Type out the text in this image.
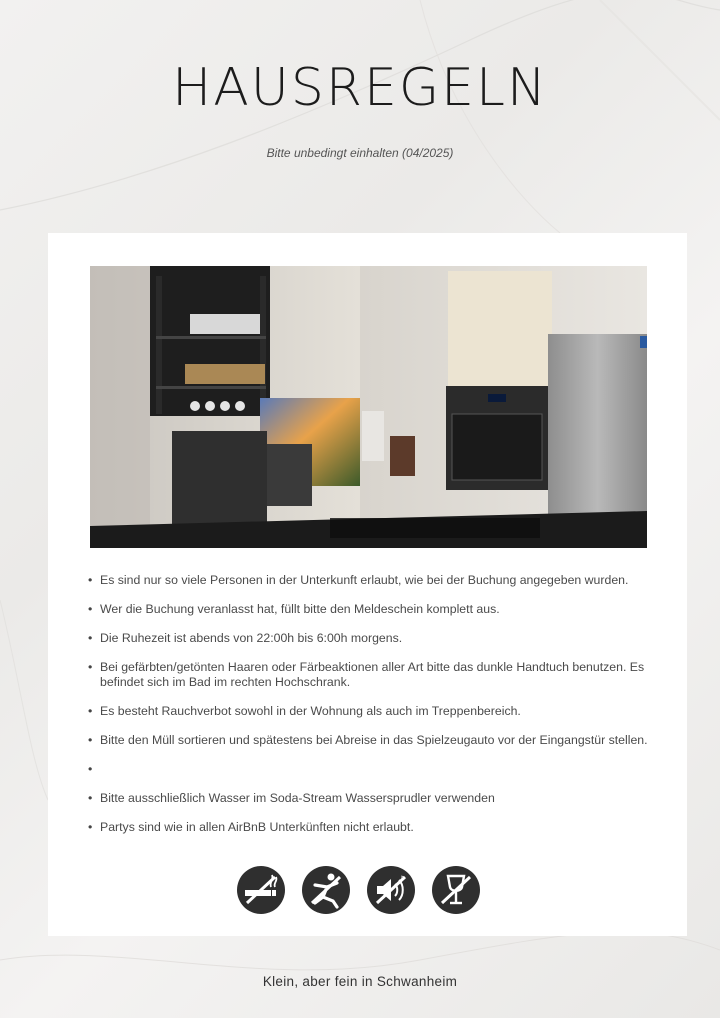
HAUSREGELN
Bitte unbedingt einhalten (04/2025)
• Es sind nur so viele Personen in der Unterkunft erlaubt, wie bei der Buchung angegeben wurden.
• Wer die Buchung veranlasst hat, füllt bitte den Meldeschein komplett aus.
• Die Ruhezeit ist abends von 22:00h bis 6:00h morgens.
• Bei gefärbten/getönten Haaren oder Färbeaktionen aller Art bitte das dunkle Handtuch benutzen. Es befindet sich im Bad im rechten Hochschrank.
• Es besteht Rauchverbot sowohl in der Wohnung als auch im Treppenbereich.
• Bitte den Müll sortieren und spätestens bei Abreise in das Spielzeugauto vor der Eingangstür stellen.
•
• Bitte ausschließlich Wasser im Soda-Stream Wassersprudler verwenden
• Partys sind wie in allen AirBnB Unterkünften nicht erlaubt.
Klein, aber fein in Schwanheim
